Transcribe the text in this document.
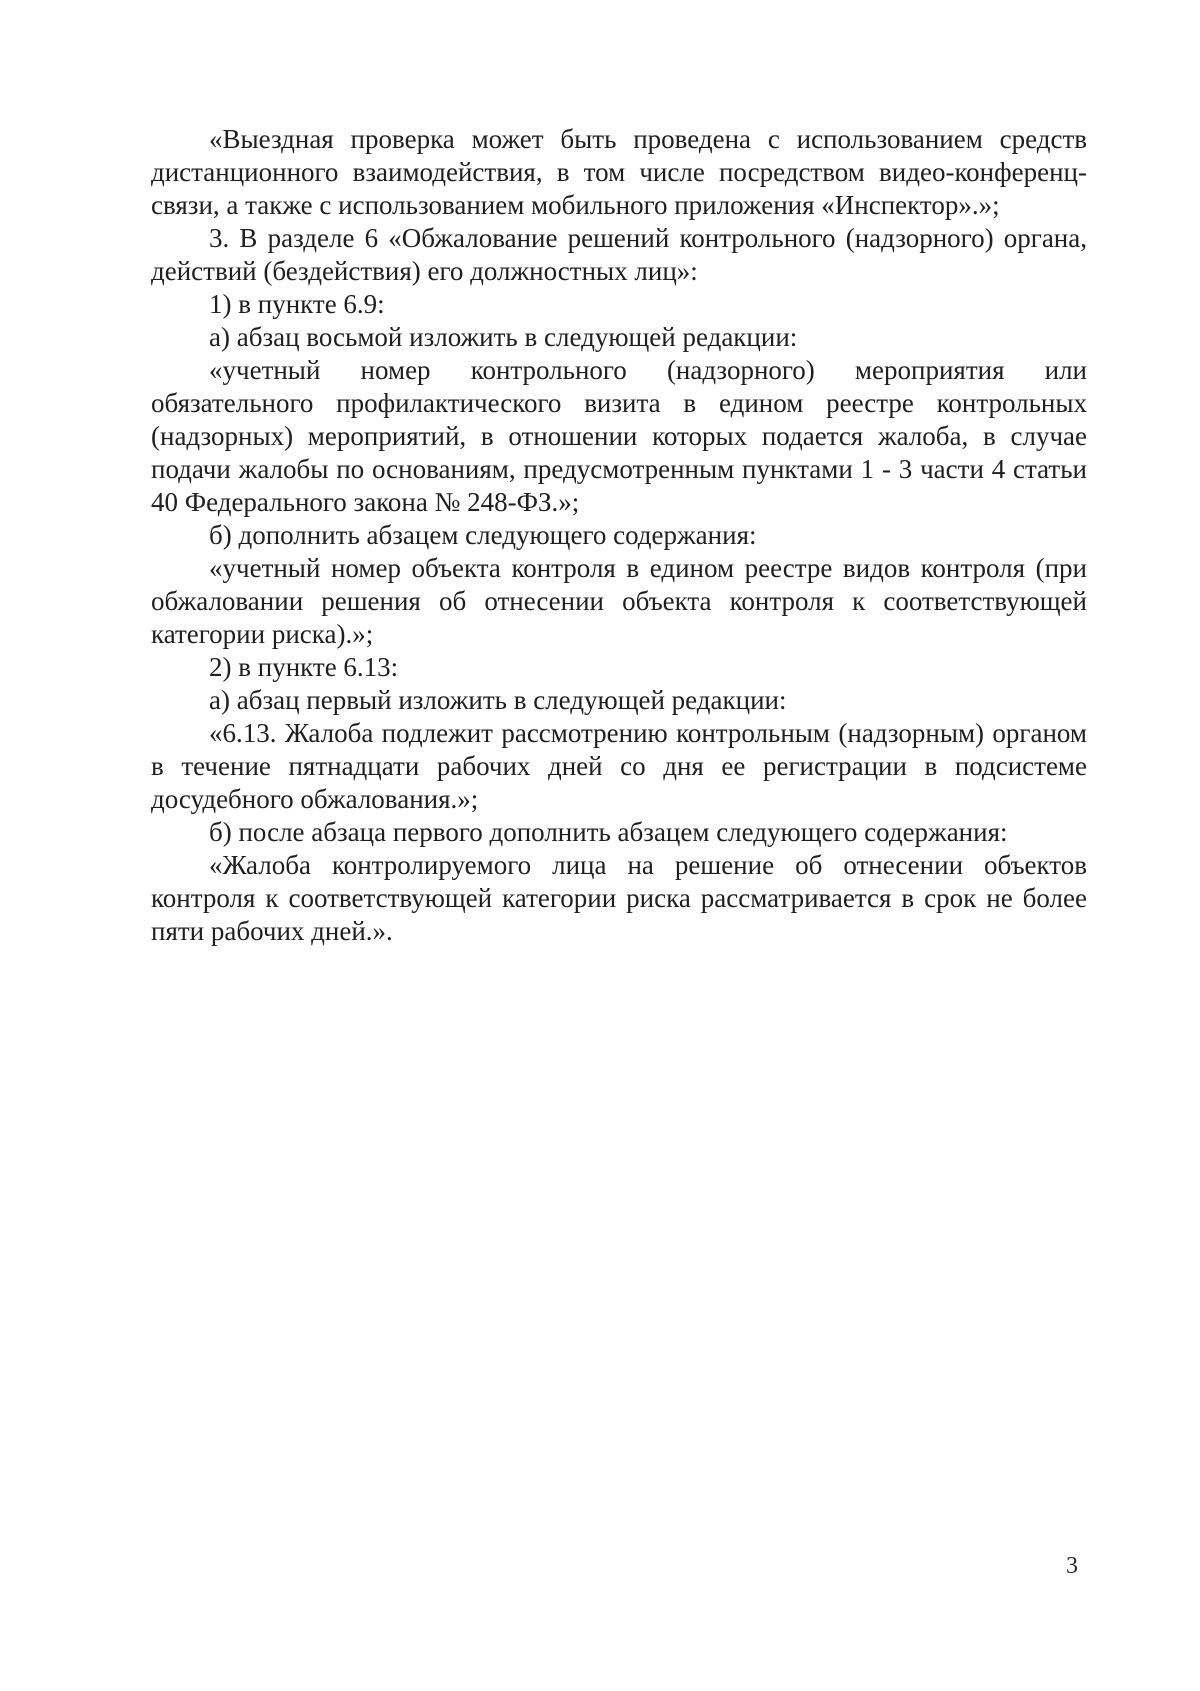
«Выездная проверка может быть проведена с использованием средств дистанционного взаимодействия, в том числе посредством видео-конференц-связи, а также с использованием мобильного приложения «Инспектор».»;

3. В разделе 6 «Обжалование решений контрольного (надзорного) органа, действий (бездействия) его должностных лиц»:

1) в пункте 6.9:

а) абзац восьмой изложить в следующей редакции:

«учетный номер контрольного (надзорного) мероприятия или обязательного профилактического визита в едином реестре контрольных (надзорных) мероприятий, в отношении которых подается жалоба, в случае подачи жалобы по основаниям, предусмотренным пунктами 1 - 3 части 4 статьи 40 Федерального закона № 248-ФЗ.»;

б) дополнить абзацем следующего содержания:

«учетный номер объекта контроля в едином реестре видов контроля (при обжаловании решения об отнесении объекта контроля к соответствующей категории риска).»;

2) в пункте 6.13:

а) абзац первый изложить в следующей редакции:

«6.13. Жалоба подлежит рассмотрению контрольным (надзорным) органом в течение пятнадцати рабочих дней со дня ее регистрации в подсистеме досудебного обжалования.»;

б) после абзаца первого дополнить абзацем следующего содержания:

«Жалоба контролируемого лица на решение об отнесении объектов контроля к соответствующей категории риска рассматривается в срок не более пяти рабочих дней.».

3
